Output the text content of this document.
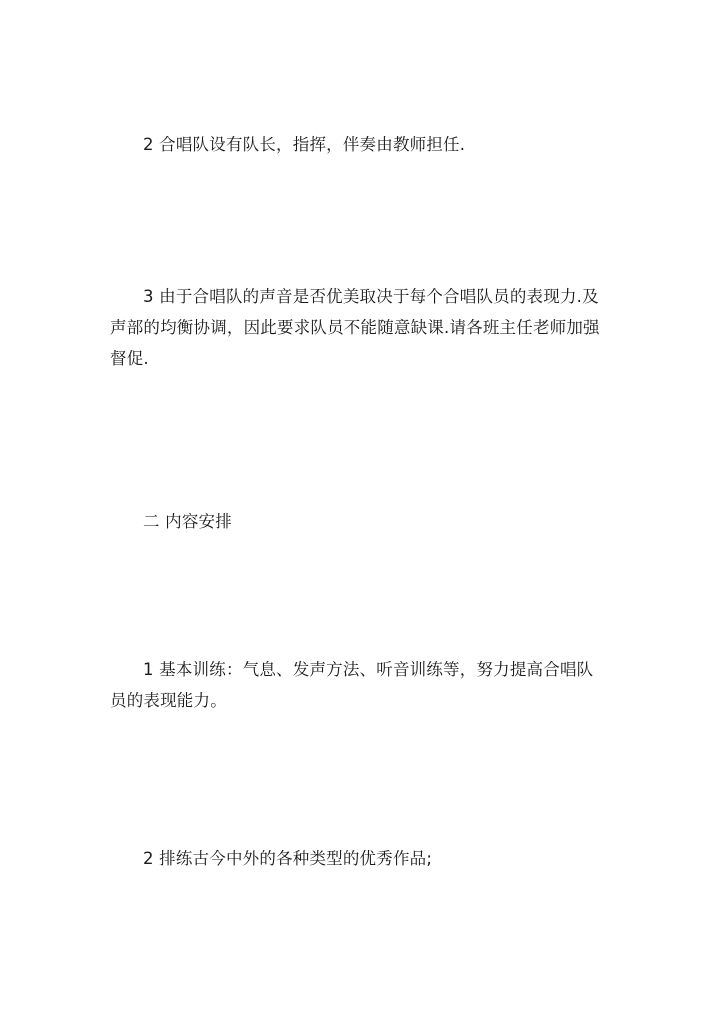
2 合唱队设有队长，指挥，伴奏由教师担任.

3 由于合唱队的声音是否优美取决于每个合唱队员的表现力.及声部的均衡协调，因此要求队员不能随意缺课.请各班主任老师加强督促.

二 内容安排

1 基本训练：气息、发声方法、听音训练等，努力提高合唱队员的表现能力。

2 排练古今中外的各种类型的优秀作品;
